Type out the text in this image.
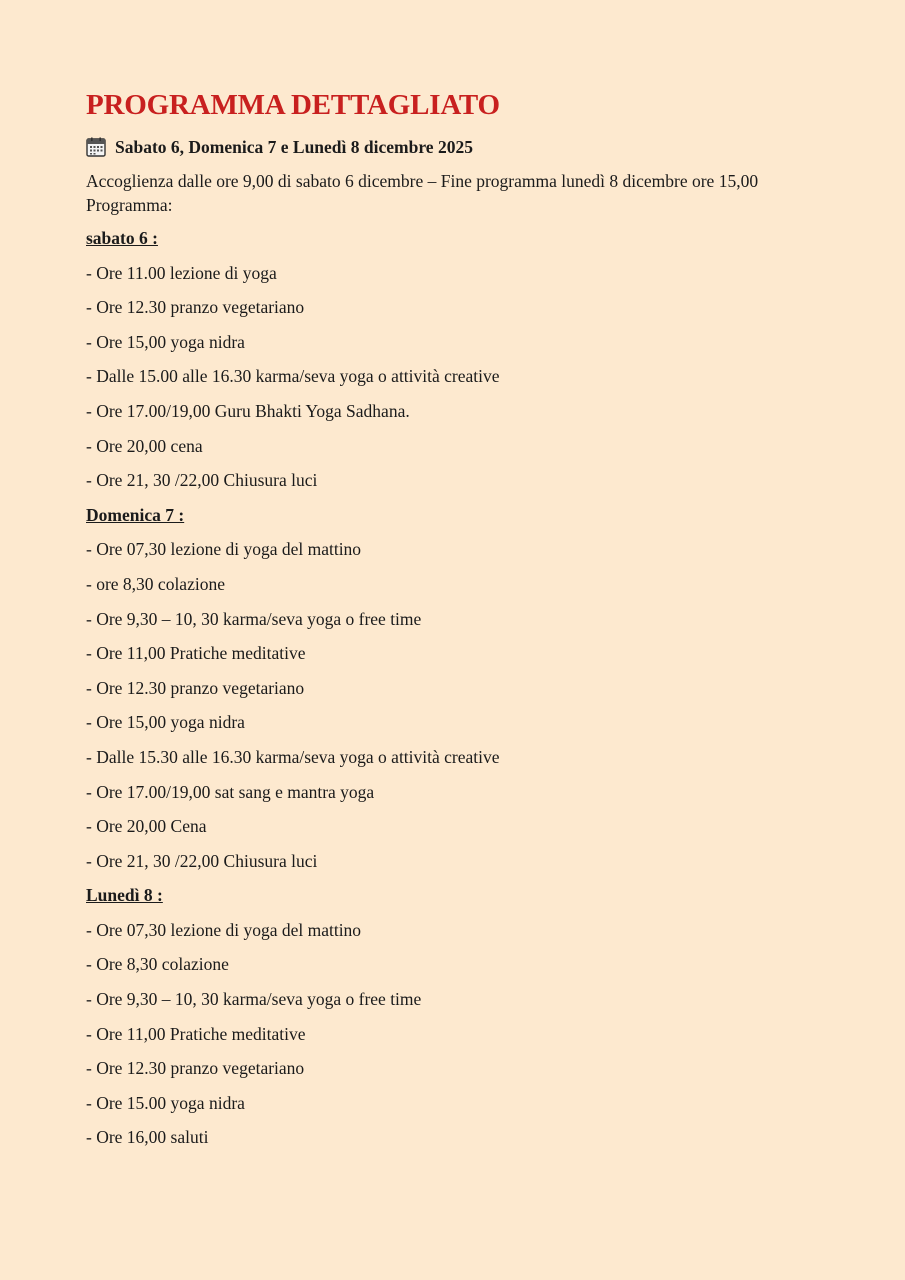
PROGRAMMA DETTAGLIATO
Sabato 6, Domenica 7 e Lunedì 8 dicembre 2025
Accoglienza dalle ore 9,00 di sabato 6 dicembre – Fine programma lunedì 8 dicembre ore 15,00
Programma:
sabato 6 :
- Ore 11.00 lezione di yoga
- Ore 12.30 pranzo vegetariano
- Ore 15,00 yoga nidra
- Dalle 15.00 alle 16.30 karma/seva yoga o attività creative
- Ore 17.00/19,00 Guru Bhakti Yoga Sadhana.
- Ore 20,00 cena
- Ore 21, 30 /22,00 Chiusura luci
Domenica 7 :
- Ore 07,30 lezione di yoga del mattino
- ore 8,30 colazione
- Ore 9,30 – 10, 30 karma/seva yoga o free time
- Ore 11,00 Pratiche meditative
- Ore 12.30 pranzo vegetariano
- Ore 15,00 yoga nidra
- Dalle 15.30 alle 16.30 karma/seva yoga o attività creative
- Ore 17.00/19,00 sat sang e mantra yoga
- Ore 20,00 Cena
- Ore 21, 30 /22,00 Chiusura luci
Lunedì 8 :
- Ore 07,30 lezione di yoga del mattino
- Ore 8,30 colazione
- Ore 9,30 – 10, 30 karma/seva yoga o free time
- Ore 11,00 Pratiche meditative
- Ore 12.30 pranzo vegetariano
- Ore 15.00 yoga nidra
- Ore 16,00 saluti
